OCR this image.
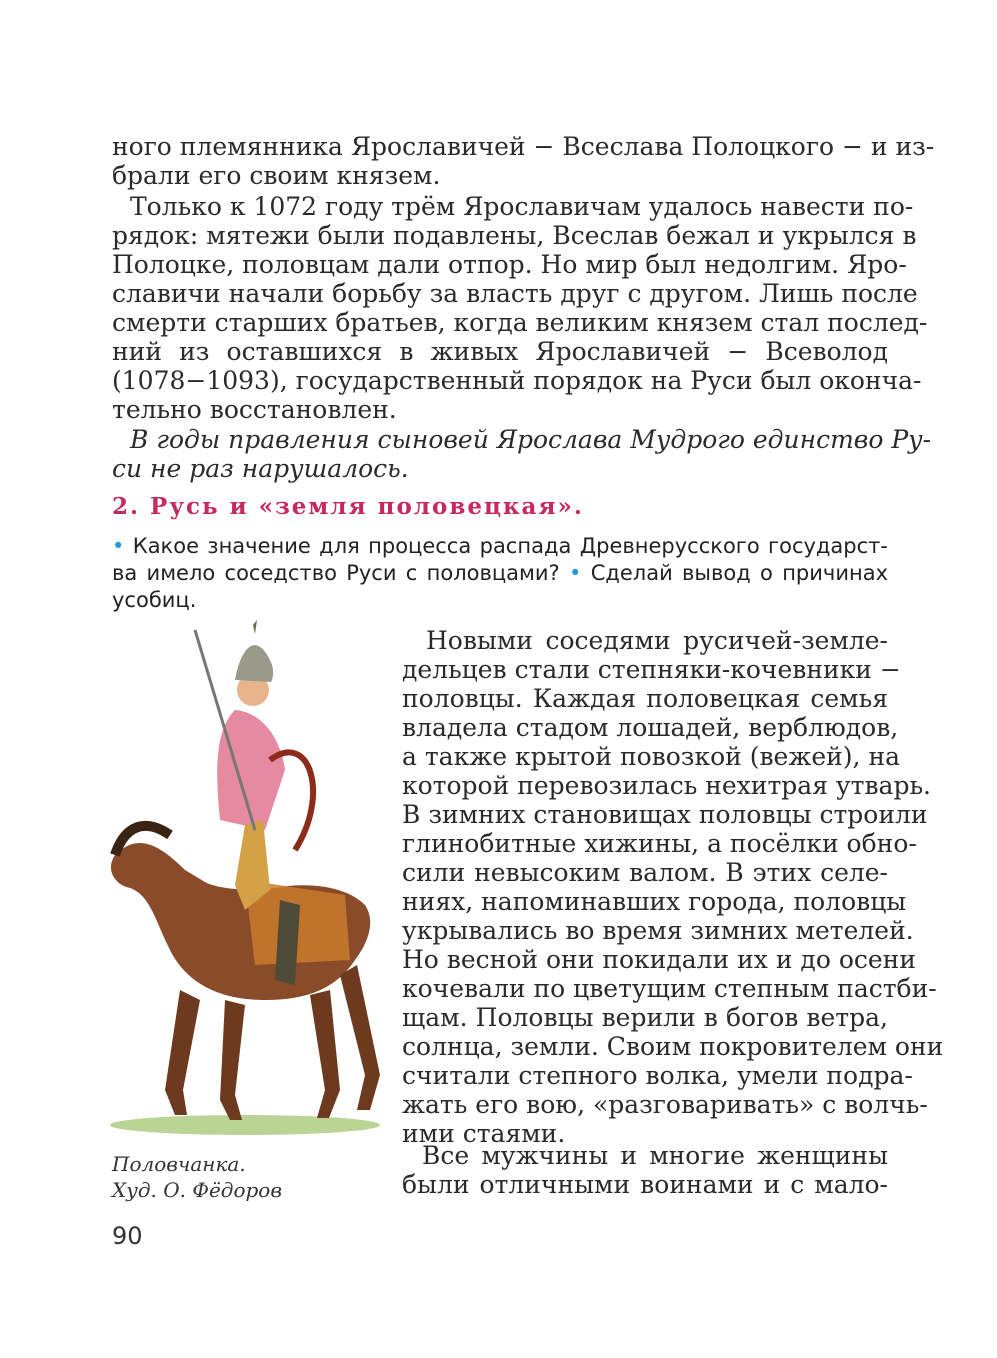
ного племянника Ярославичей − Всеслава Полоцкого − и из-
брали его своим князем.
Только к 1072 году трём Ярославичам удалось навести по-
рядок: мятежи были подавлены, Всеслав бежал и укрылся в
Полоцке, половцам дали отпор. Но мир был недолгим. Яро-
славичи начали борьбу за власть друг с другом. Лишь после
смерти старших братьев, когда великим князем стал послед-
ний из оставшихся в живых Ярославичей − Всеволод
(1078−1093), государственный порядок на Руси был оконча-
тельно восстановлен.
В годы правления сыновей Ярослава Мудрого единство Ру-
си не раз нарушалось.
2. Русь и «земля половецкая».
• Какое значение для процесса распада Древнерусского государст-
ва имело соседство Руси с половцами? • Сделай вывод о причинах
усобиц.
Новыми соседями русичей-земле-
дельцев стали степняки-кочевники −
половцы. Каждая половецкая семья
владела стадом лошадей, верблюдов,
а также крытой повозкой (вежей), на
которой перевозилась нехитрая утварь.
В зимних становищах половцы строили
глинобитные хижины, а посёлки обно-
сили невысоким валом. В этих селе-
ниях, напоминавших города, половцы
укрывались во время зимних метелей.
Но весной они покидали их и до осени
кочевали по цветущим степным пастби-
щам. Половцы верили в богов ветра,
солнца, земли. Своим покровителем они
считали степного волка, умели подра-
жать его вою, «разговаривать» с волчь-
ими стаями.
Все мужчины и многие женщины
были отличными воинами и с мало-
Половчанка.
Худ. О. Фёдоров
90
